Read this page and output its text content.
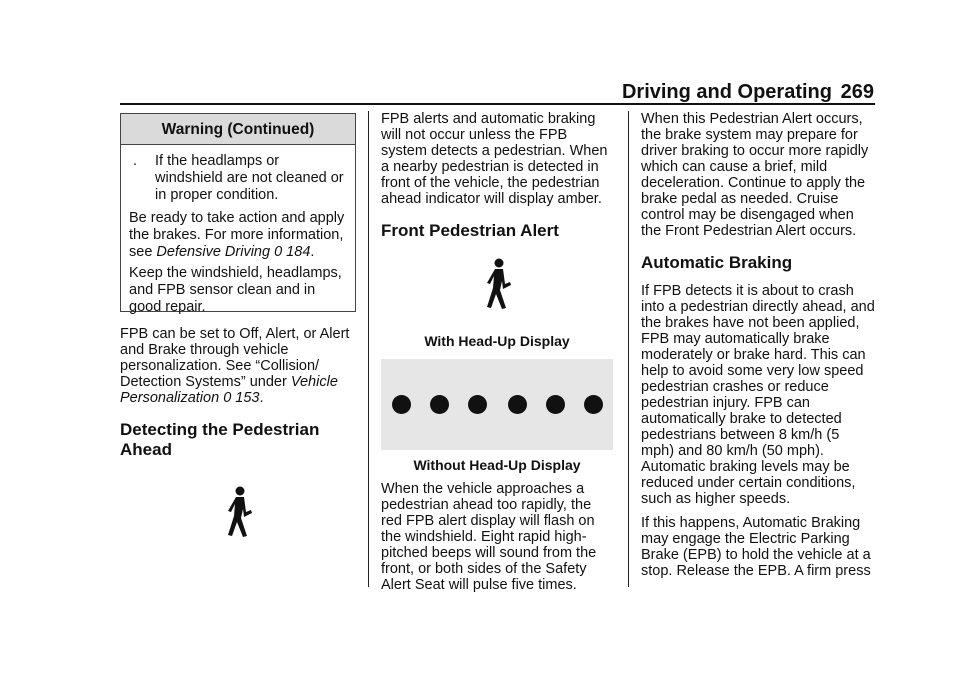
Driving and Operating 269
Warning (Continued)

.	If the headlamps or windshield are not cleaned or in proper condition.

Be ready to take action and apply the brakes. For more information, see Defensive Driving 0 184.

Keep the windshield, headlamps, and FPB sensor clean and in good repair.

FPB can be set to Off, Alert, or Alert and Brake through vehicle personalization. See “Collision/ Detection Systems” under Vehicle Personalization 0 153.

Detecting the Pedestrian Ahead

FPB alerts and automatic braking will not occur unless the FPB system detects a pedestrian. When a nearby pedestrian is detected in front of the vehicle, the pedestrian ahead indicator will display amber.

Front Pedestrian Alert
With Head-Up Display
Without Head-Up Display

When the vehicle approaches a pedestrian ahead too rapidly, the red FPB alert display will flash on the windshield. Eight rapid high-pitched beeps will sound from the front, or both sides of the Safety Alert Seat will pulse five times.

When this Pedestrian Alert occurs, the brake system may prepare for driver braking to occur more rapidly which can cause a brief, mild deceleration. Continue to apply the brake pedal as needed. Cruise control may be disengaged when the Front Pedestrian Alert occurs.

Automatic Braking

If FPB detects it is about to crash into a pedestrian directly ahead, and the brakes have not been applied, FPB may automatically brake moderately or brake hard. This can help to avoid some very low speed pedestrian crashes or reduce pedestrian injury. FPB can automatically brake to detected pedestrians between 8 km/h (5 mph) and 80 km/h (50 mph). Automatic braking levels may be reduced under certain conditions, such as higher speeds.

If this happens, Automatic Braking may engage the Electric Parking Brake (EPB) to hold the vehicle at a stop. Release the EPB. A firm press
